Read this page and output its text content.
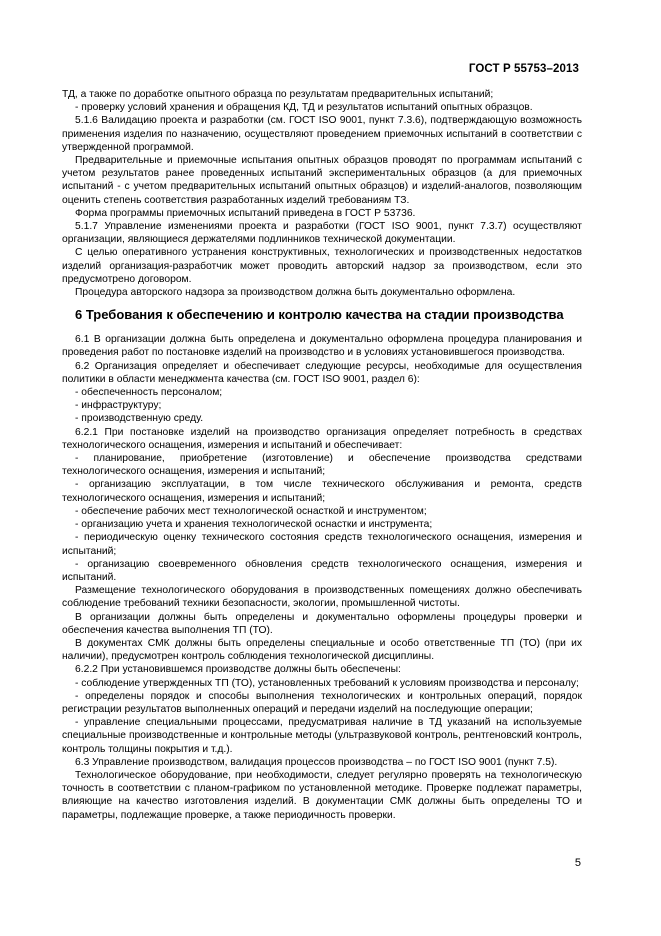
ГОСТ Р 55753–2013

ТД, а также по доработке опытного образца по результатам предварительных испытаний;

- проверку условий хранения и обращения КД, ТД и результатов испытаний опытных образцов.

5.1.6 Валидацию проекта и разработки (см. ГОСТ ISO 9001, пункт 7.3.6), подтверждающую возможность применения изделия по назначению, осуществляют проведением приемочных испытаний в соответствии с утвержденной программой.

Предварительные и приемочные испытания опытных образцов проводят по программам испытаний с учетом результатов ранее проведенных испытаний экспериментальных образцов (а для приемочных испытаний - с учетом предварительных испытаний опытных образцов) и изделий-аналогов, позволяющим оценить степень соответствия разработанных изделий требованиям ТЗ.

Форма программы приемочных испытаний приведена в ГОСТ Р 53736.

5.1.7 Управление изменениями проекта и разработки (ГОСТ ISO 9001, пункт 7.3.7) осуществляют организации, являющиеся держателями подлинников технической документации.

С целью оперативного устранения конструктивных, технологических и производственных недостатков изделий организация-разработчик может проводить авторский надзор за производством, если это предусмотрено договором.

Процедура авторского надзора за производством должна быть документально оформлена.

6 Требования к обеспечению и контролю качества на стадии производства

6.1 В организации должна быть определена и документально оформлена процедура планирования и проведения работ по постановке изделий на производство и в условиях установившегося производства.

6.2 Организация определяет и обеспечивает следующие ресурсы, необходимые для осуществления политики в области менеджмента качества (см. ГОСТ ISO 9001, раздел 6):

- обеспеченность персоналом;

- инфраструктуру;

- производственную среду.

6.2.1 При постановке изделий на производство организация определяет потребность в средствах технологического оснащения, измерения и испытаний и обеспечивает:

- планирование, приобретение (изготовление) и обеспечение производства средствами технологического оснащения, измерения и испытаний;

- организацию эксплуатации, в том числе технического обслуживания и ремонта, средств технологического оснащения, измерения и испытаний;

- обеспечение рабочих мест технологической оснасткой и инструментом;

- организацию учета и хранения технологической оснастки и инструмента;

- периодическую оценку технического состояния средств технологического оснащения, измерения и испытаний;

- организацию своевременного обновления средств технологического оснащения, измерения и испытаний.

Размещение технологического оборудования в производственных помещениях должно обеспечивать соблюдение требований техники безопасности, экологии, промышленной чистоты.

В организации должны быть определены и документально оформлены процедуры проверки и обеспечения качества выполнения ТП (ТО).

В документах СМК должны быть определены специальные и особо ответственные ТП (ТО) (при их наличии), предусмотрен контроль соблюдения технологической дисциплины.

6.2.2 При установившемся производстве должны быть обеспечены:

- соблюдение утвержденных ТП (ТО), установленных требований к условиям производства и персоналу;

- определены порядок и способы выполнения технологических и контрольных операций, порядок регистрации результатов выполненных операций и передачи изделий на последующие операции;

- управление специальными процессами, предусматривая наличие в ТД указаний на используемые специальные производственные и контрольные методы (ультразвуковой контроль, рентгеновский контроль, контроль толщины покрытия и т.д.).

6.3 Управление производством, валидация процессов производства – по ГОСТ ISO 9001 (пункт 7.5).

Технологическое оборудование, при необходимости, следует регулярно проверять на технологическую точность в соответствии с планом-графиком по установленной методике. Проверке подлежат параметры, влияющие на качество изготовления изделий. В документации СМК должны быть определены ТО и параметры, подлежащие проверке, а также периодичность проверки.

5
